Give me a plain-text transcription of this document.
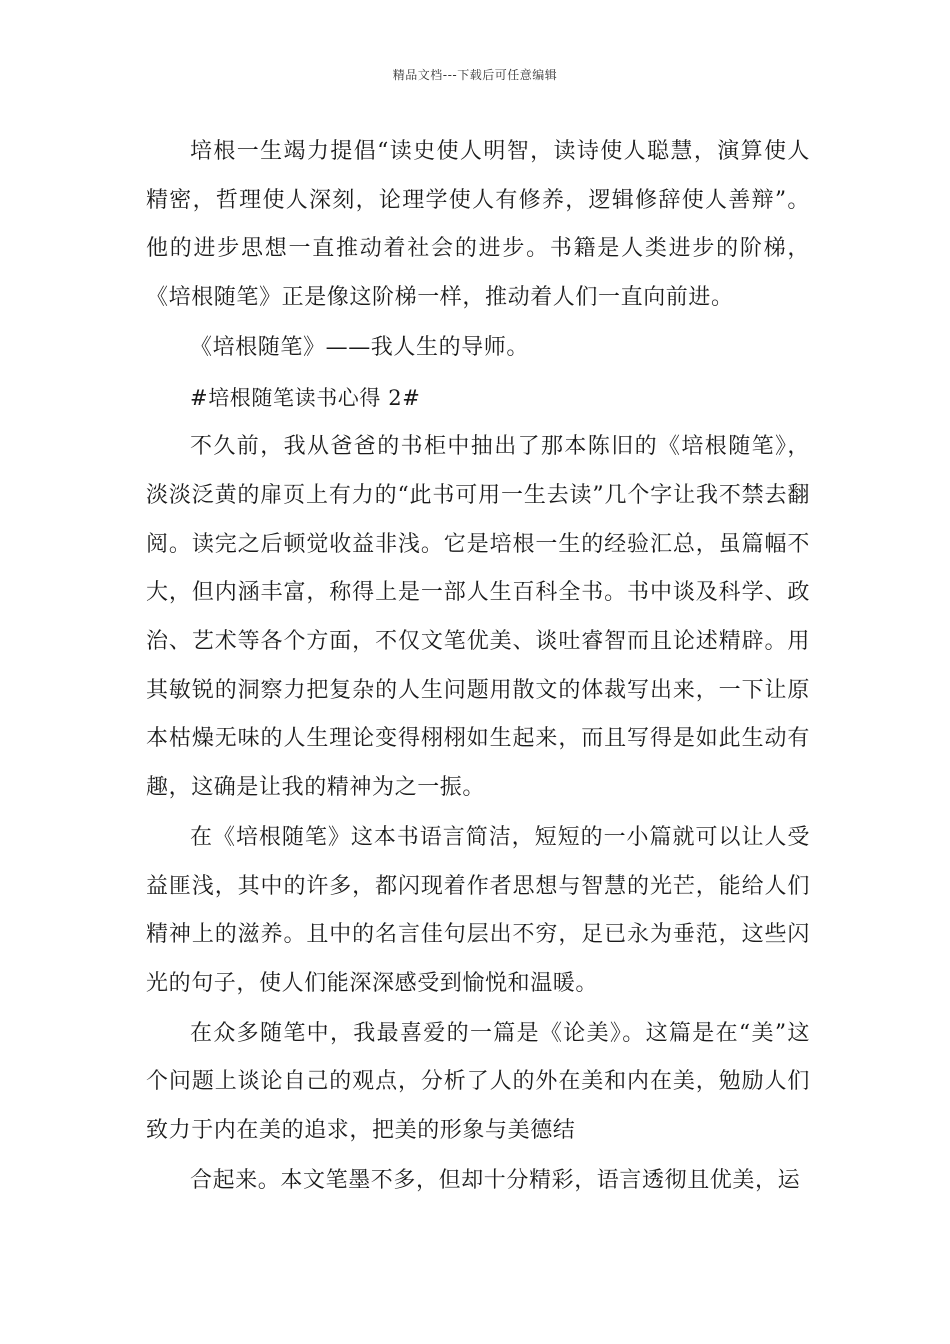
精品文档---下载后可任意编辑

培根一生竭力提倡“读史使人明智，读诗使人聪慧，演算使人精密，哲理使人深刻，论理学使人有修养，逻辑修辞使人善辩”。他的进步思想一直推动着社会的进步。书籍是人类进步的阶梯，《培根随笔》正是像这阶梯一样，推动着人们一直向前进。

《培根随笔》——我人生的导师。

#培根随笔读书心得 2#

不久前，我从爸爸的书柜中抽出了那本陈旧的《培根随笔》，淡淡泛黄的扉页上有力的“此书可用一生去读”几个字让我不禁去翻阅。读完之后顿觉收益非浅。它是培根一生的经验汇总，虽篇幅不大，但内涵丰富，称得上是一部人生百科全书。书中谈及科学、政治、艺术等各个方面，不仅文笔优美、谈吐睿智而且论述精辟。用其敏锐的洞察力把复杂的人生问题用散文的体裁写出来，一下让原本枯燥无味的人生理论变得栩栩如生起来，而且写得是如此生动有趣，这确是让我的精神为之一振。

在《培根随笔》这本书语言简洁，短短的一小篇就可以让人受益匪浅，其中的许多，都闪现着作者思想与智慧的光芒，能给人们精神上的滋养。且中的名言佳句层出不穷，足已永为垂范，这些闪光的句子，使人们能深深感受到愉悦和温暖。

在众多随笔中，我最喜爱的一篇是《论美》。这篇是在“美”这个问题上谈论自己的观点，分析了人的外在美和内在美，勉励人们致力于内在美的追求，把美的形象与美德结

合起来。本文笔墨不多，但却十分精彩，语言透彻且优美，运
